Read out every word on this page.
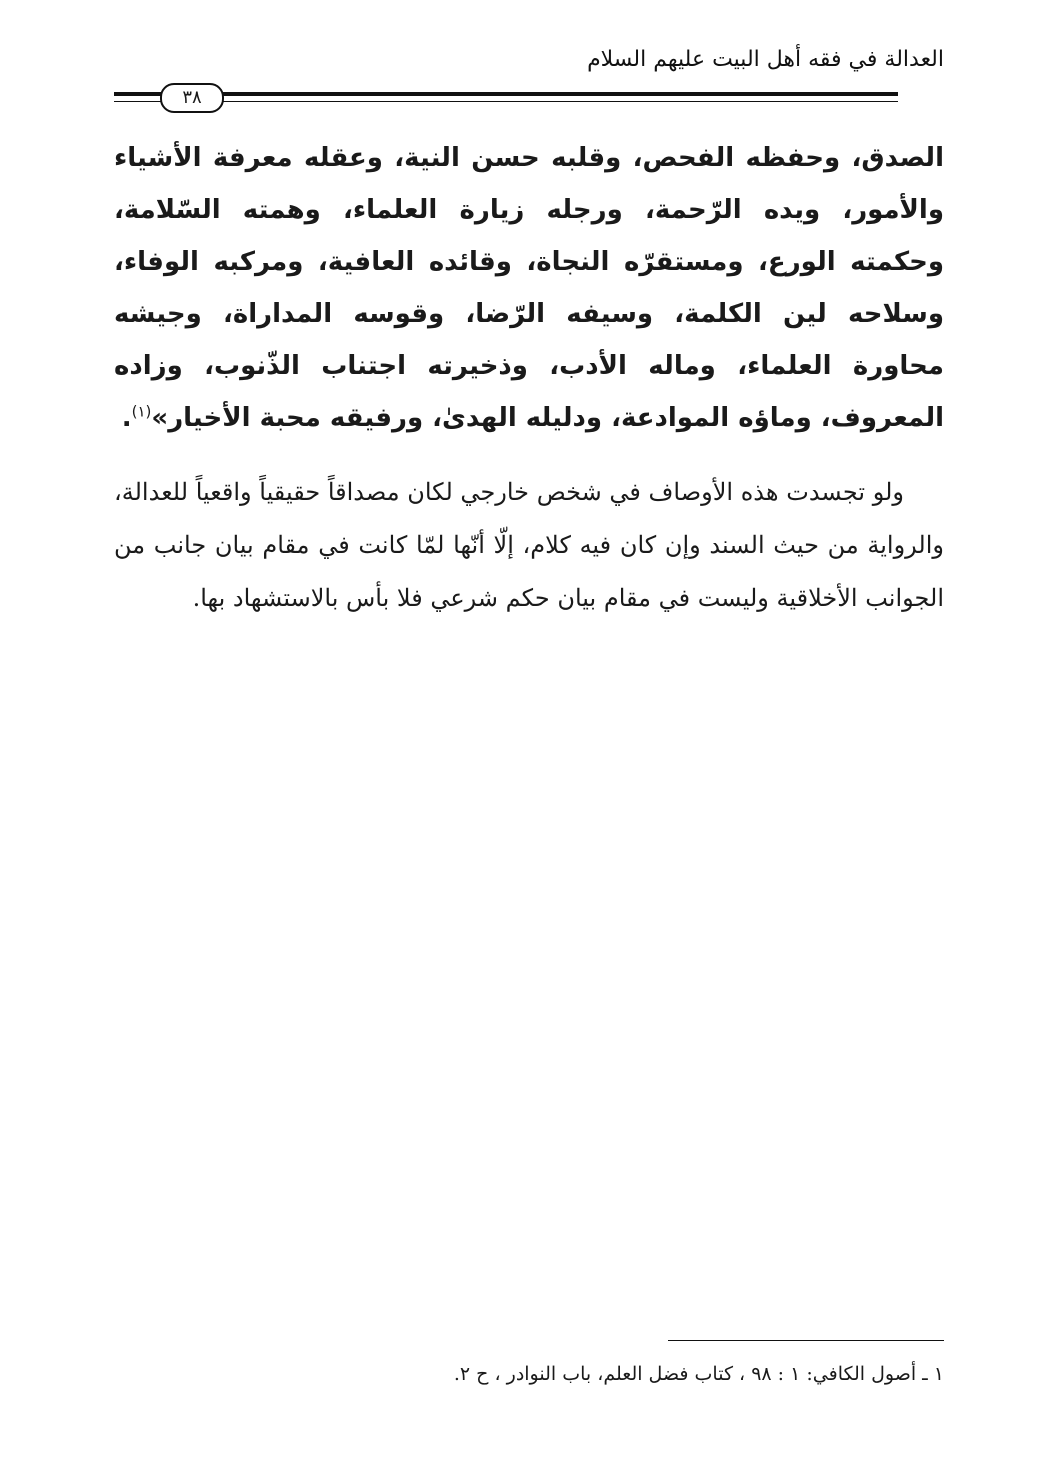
العدالة في فقه أهل البيت عليهم السلام
٣٨

الصدق، وحفظه الفحص، وقلبه حسن النية، وعقله معرفة الأشياء والأمور، ويده الرّحمة، ورجله زيارة العلماء، وهمته السّلامة، وحكمته الورع، ومستقرّه النجاة، وقائده العافية، ومركبه الوفاء، وسلاحه لين الكلمة، وسيفه الرّضا، وقوسه المداراة، وجيشه محاورة العلماء، وماله الأدب، وذخيرته اجتناب الذّنوب، وزاده المعروف، وماؤه الموادعة، ودليله الهدىٰ، ورفيقه محبة الأخيار»$^{(١)}$.

ولو تجسدت هذه الأوصاف في شخص خارجي لكان مصداقاً حقيقياً واقعياً للعدالة، والرواية من حيث السند وإن كان فيه كلام، إلّا أنّها لمّا كانت في مقام بيان جانب من الجوانب الأخلاقية وليست في مقام بيان حكم شرعي فلا بأس بالاستشهاد بها.

١ ـ أصول الكافي: ١ : ٩٨ ، كتاب فضل العلم، باب النوادر ، ح ٢.
